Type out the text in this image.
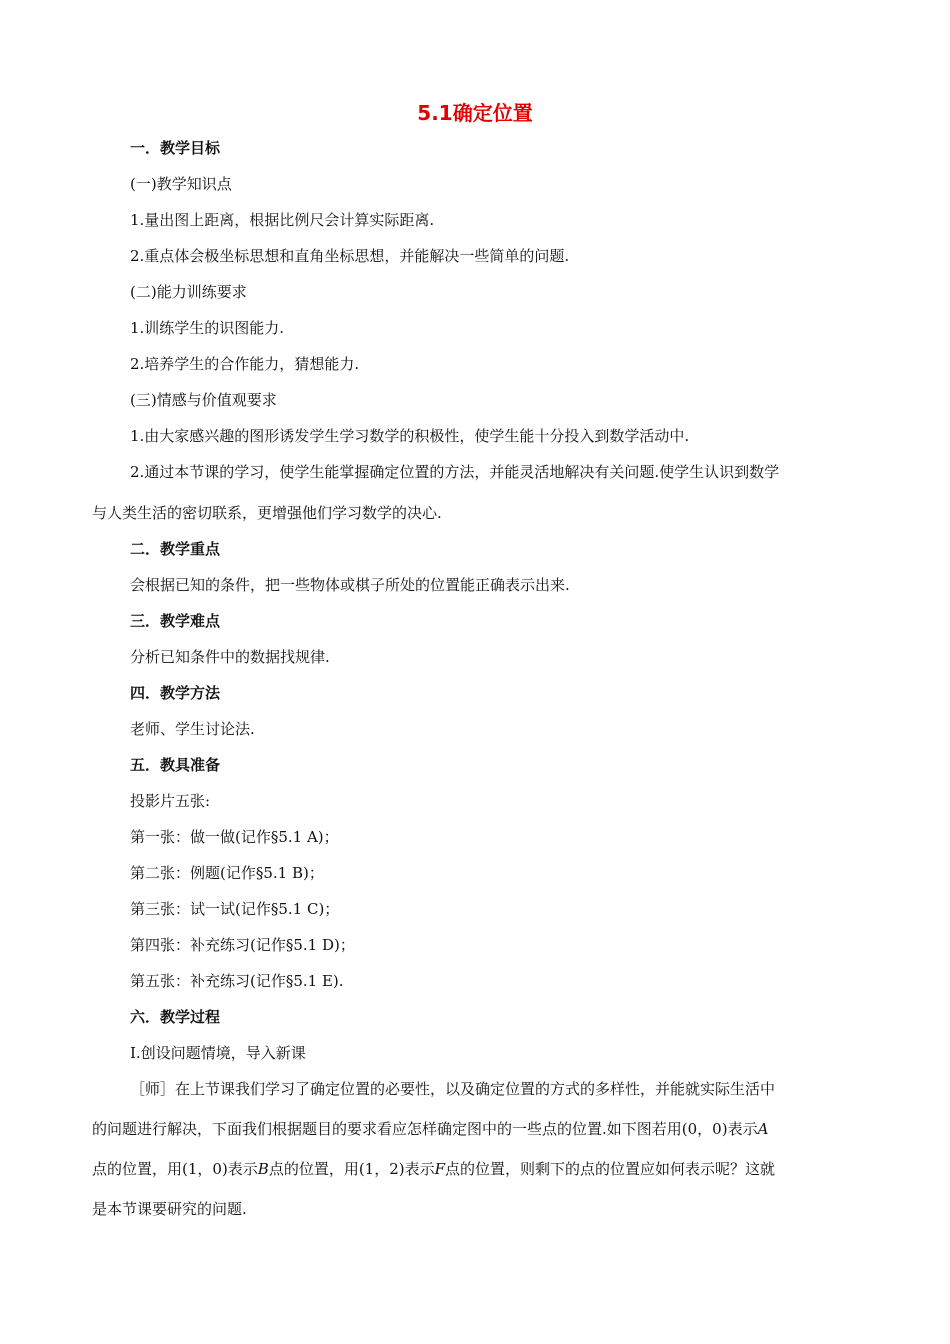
5.1确定位置
一．教学目标
(一)教学知识点
1.量出图上距离，根据比例尺会计算实际距离.
2.重点体会极坐标思想和直角坐标思想，并能解决一些简单的问题.
(二)能力训练要求
1.训练学生的识图能力.
2.培养学生的合作能力，猜想能力.
(三)情感与价值观要求
1.由大家感兴趣的图形诱发学生学习数学的积极性，使学生能十分投入到数学活动中.
2.通过本节课的学习，使学生能掌握确定位置的方法，并能灵活地解决有关问题.使学生认识到数学
与人类生活的密切联系，更增强他们学习数学的决心.
二．教学重点
会根据已知的条件，把一些物体或棋子所处的位置能正确表示出来.
三．教学难点
分析已知条件中的数据找规律.
四．教学方法
老师、学生讨论法.
五．教具准备
投影片五张:
第一张：做一做(记作§5.1 A)；
第二张：例题(记作§5.1 B)；
第三张：试一试(记作§5.1 C)；
第四张：补充练习(记作§5.1 D)；
第五张：补充练习(记作§5.1 E).
六．教学过程
Ⅰ.创设问题情境，导入新课
［师］在上节课我们学习了确定位置的必要性，以及确定位置的方式的多样性，并能就实际生活中
的问题进行解决，下面我们根据题目的要求看应怎样确定图中的一些点的位置.如下图若用(0，0)表示A
点的位置，用(1，0)表示B点的位置，用(1，2)表示F点的位置，则剩下的点的位置应如何表示呢？这就
是本节课要研究的问题.
